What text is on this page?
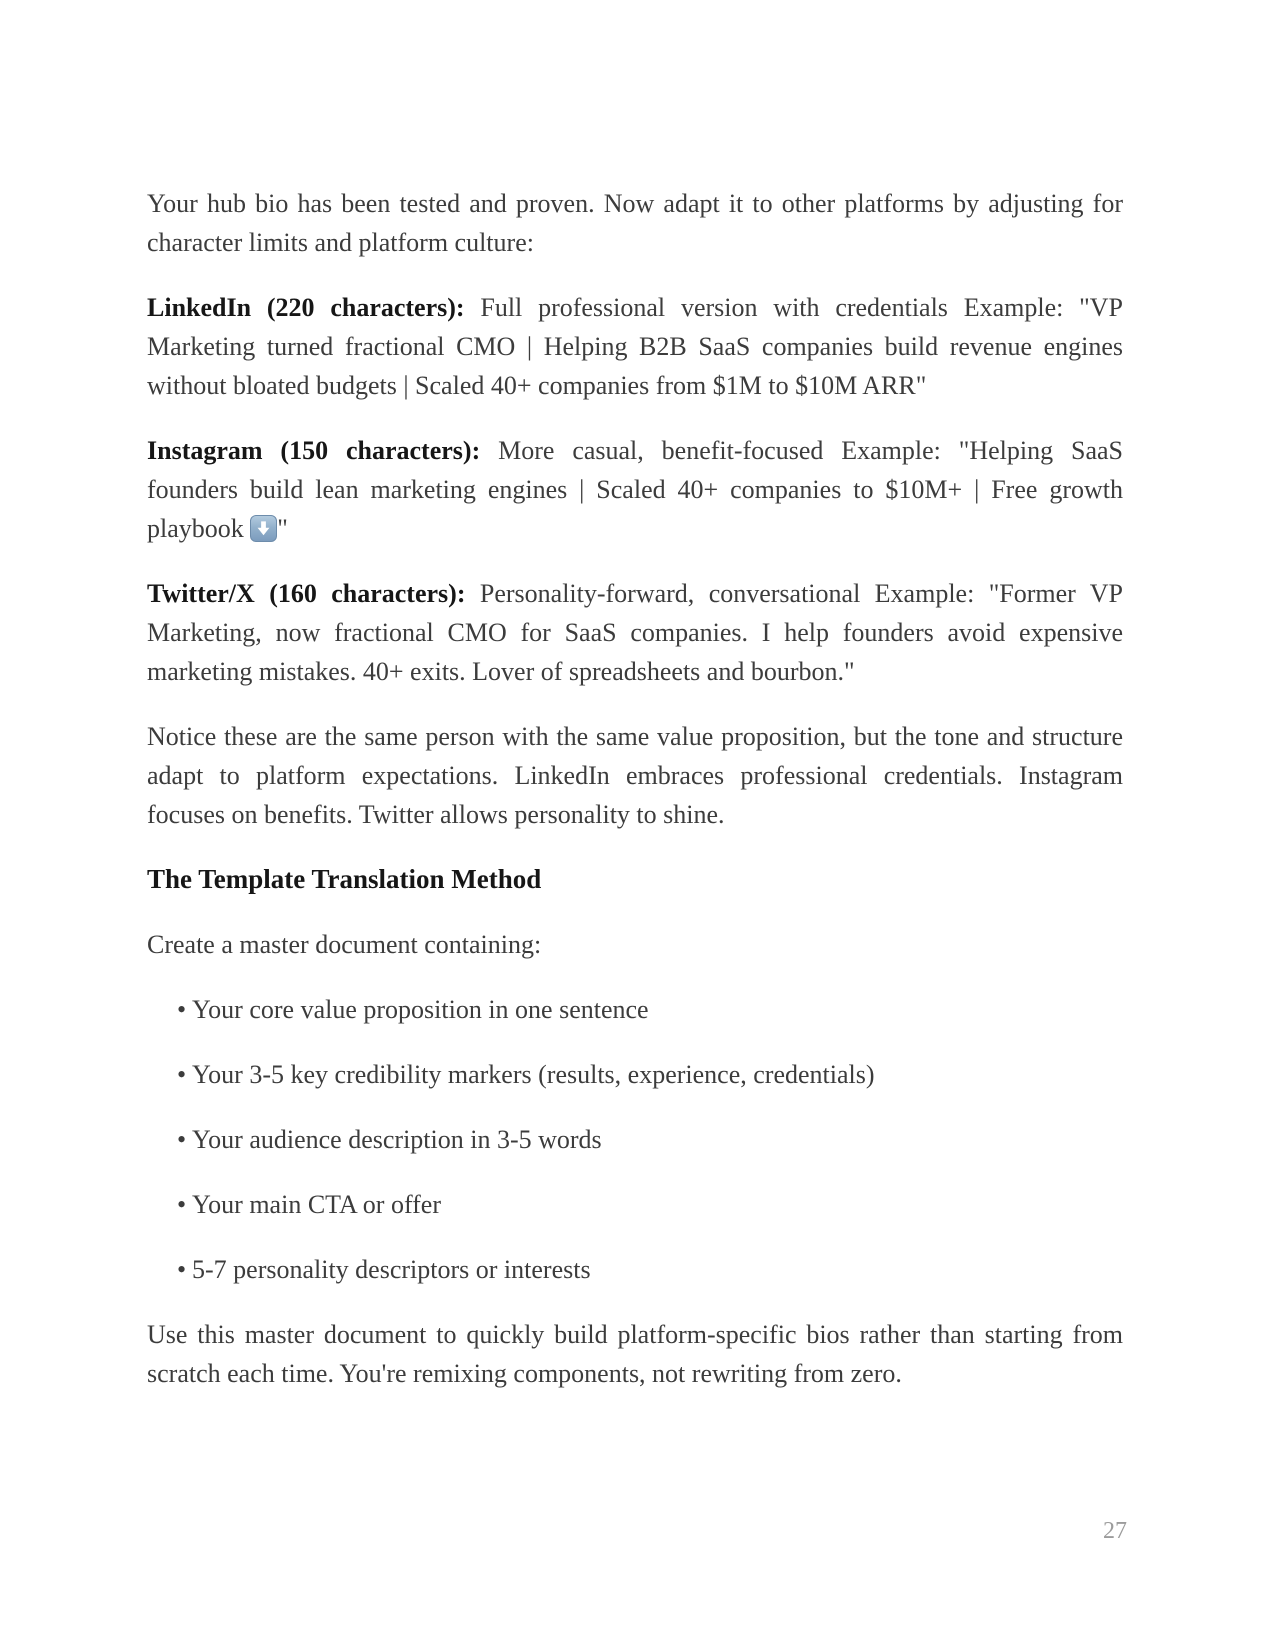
Your hub bio has been tested and proven. Now adapt it to other platforms by adjusting for character limits and platform culture:

LinkedIn (220 characters): Full professional version with credentials Example: "VP Marketing turned fractional CMO | Helping B2B SaaS companies build revenue engines without bloated budgets | Scaled 40+ companies from $1M to $10M ARR"

Instagram (150 characters): More casual, benefit-focused Example: "Helping SaaS founders build lean marketing engines | Scaled 40+ companies to $10M+ | Free growth playbook
"

Twitter/X (160 characters): Personality-forward, conversational Example: "Former VP Marketing, now fractional CMO for SaaS companies. I help founders avoid expensive marketing mistakes. 40+ exits. Lover of spreadsheets and bourbon."

Notice these are the same person with the same value proposition, but the tone and structure adapt to platform expectations. LinkedIn embraces professional credentials. Instagram focuses on benefits. Twitter allows personality to shine.

The Template Translation Method

Create a master document containing:

• Your core value proposition in one sentence
• Your 3-5 key credibility markers (results, experience, credentials)
• Your audience description in 3-5 words
• Your main CTA or offer
• 5-7 personality descriptors or interests

Use this master document to quickly build platform-specific bios rather than starting from scratch each time. You're remixing components, not rewriting from zero.

27
